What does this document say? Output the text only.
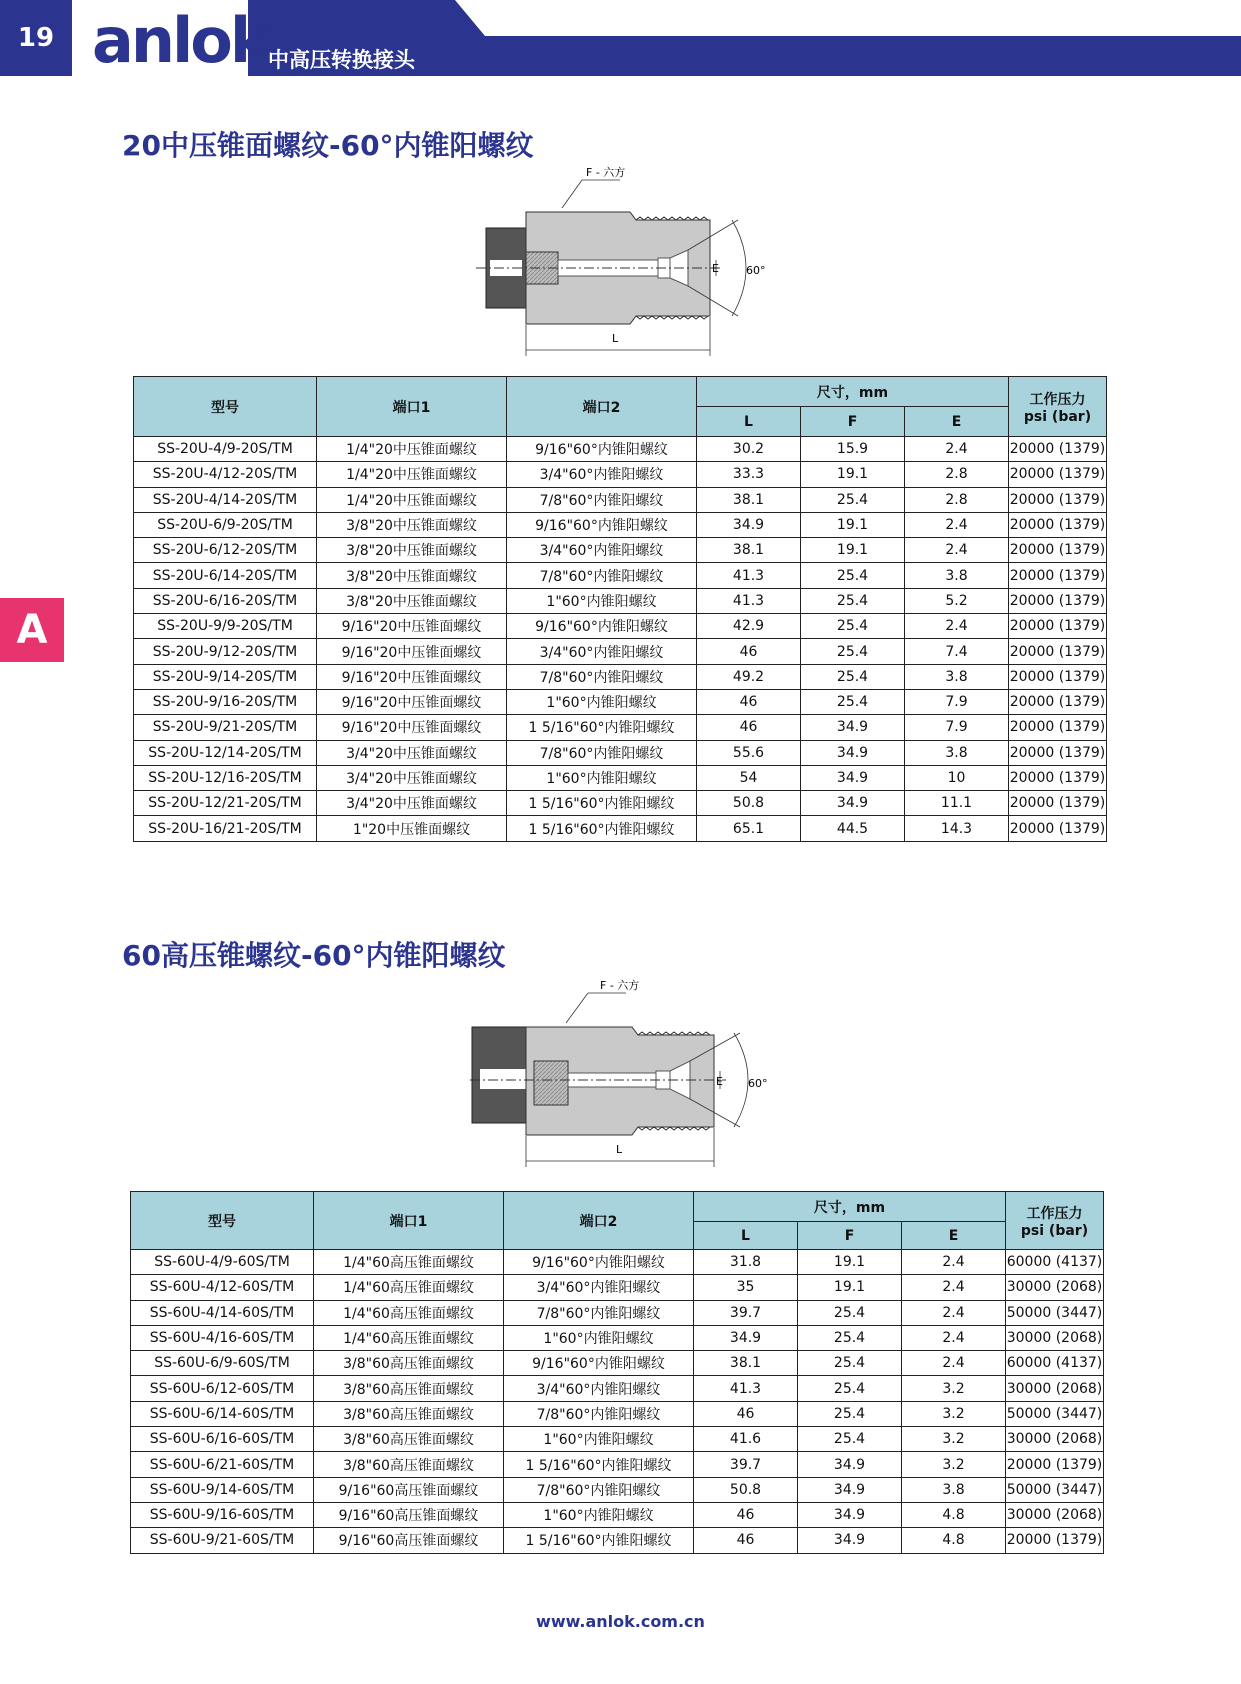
19 anlok 中高压转换接头
A
20中压锥面螺纹-60°内锥阳螺纹
F - 六方
L
E 60°
型号	端口1	端口2	尺寸，mm			工作压力
psi (bar)
			L	F	E	
SS-20U-4/9-20S/TM	1/4"20中压锥面螺纹	9/16"60°内锥阳螺纹	30.2	15.9	2.4	20000 (1379)
SS-20U-4/12-20S/TM	1/4"20中压锥面螺纹	3/4"60°内锥阳螺纹	33.3	19.1	2.8	20000 (1379)
SS-20U-4/14-20S/TM	1/4"20中压锥面螺纹	7/8"60°内锥阳螺纹	38.1	25.4	2.8	20000 (1379)
SS-20U-6/9-20S/TM	3/8"20中压锥面螺纹	9/16"60°内锥阳螺纹	34.9	19.1	2.4	20000 (1379)
SS-20U-6/12-20S/TM	3/8"20中压锥面螺纹	3/4"60°内锥阳螺纹	38.1	19.1	2.4	20000 (1379)
SS-20U-6/14-20S/TM	3/8"20中压锥面螺纹	7/8"60°内锥阳螺纹	41.3	25.4	3.8	20000 (1379)
SS-20U-6/16-20S/TM	3/8"20中压锥面螺纹	1"60°内锥阳螺纹	41.3	25.4	5.2	20000 (1379)
SS-20U-9/9-20S/TM	9/16"20中压锥面螺纹	9/16"60°内锥阳螺纹	42.9	25.4	2.4	20000 (1379)
SS-20U-9/12-20S/TM	9/16"20中压锥面螺纹	3/4"60°内锥阳螺纹	46	25.4	7.4	20000 (1379)
SS-20U-9/14-20S/TM	9/16"20中压锥面螺纹	7/8"60°内锥阳螺纹	49.2	25.4	3.8	20000 (1379)
SS-20U-9/16-20S/TM	9/16"20中压锥面螺纹	1"60°内锥阳螺纹	46	25.4	7.9	20000 (1379)
SS-20U-9/21-20S/TM	9/16"20中压锥面螺纹	1 5/16"60°内锥阳螺纹	46	34.9	7.9	20000 (1379)
SS-20U-12/14-20S/TM	3/4"20中压锥面螺纹	7/8"60°内锥阳螺纹	55.6	34.9	3.8	20000 (1379)
SS-20U-12/16-20S/TM	3/4"20中压锥面螺纹	1"60°内锥阳螺纹	54	34.9	10	20000 (1379)
SS-20U-12/21-20S/TM	3/4"20中压锥面螺纹	1 5/16"60°内锥阳螺纹	50.8	34.9	11.1	20000 (1379)
SS-20U-16/21-20S/TM	1"20中压锥面螺纹	1 5/16"60°内锥阳螺纹	65.1	44.5	14.3	20000 (1379)
60高压锥螺纹-60°内锥阳螺纹
F - 六方
L
E 60°
型号	端口1	端口2	尺寸，mm			工作压力
psi (bar)
			L	F	E	
SS-60U-4/9-60S/TM	1/4"60高压锥面螺纹	9/16"60°内锥阳螺纹	31.8	19.1	2.4	60000 (4137)
SS-60U-4/12-60S/TM	1/4"60高压锥面螺纹	3/4"60°内锥阳螺纹	35	19.1	2.4	30000 (2068)
SS-60U-4/14-60S/TM	1/4"60高压锥面螺纹	7/8"60°内锥阳螺纹	39.7	25.4	2.4	50000 (3447)
SS-60U-4/16-60S/TM	1/4"60高压锥面螺纹	1"60°内锥阳螺纹	34.9	25.4	2.4	30000 (2068)
SS-60U-6/9-60S/TM	3/8"60高压锥面螺纹	9/16"60°内锥阳螺纹	38.1	25.4	2.4	60000 (4137)
SS-60U-6/12-60S/TM	3/8"60高压锥面螺纹	3/4"60°内锥阳螺纹	41.3	25.4	3.2	30000 (2068)
SS-60U-6/14-60S/TM	3/8"60高压锥面螺纹	7/8"60°内锥阳螺纹	46	25.4	3.2	50000 (3447)
SS-60U-6/16-60S/TM	3/8"60高压锥面螺纹	1"60°内锥阳螺纹	41.6	25.4	3.2	30000 (2068)
SS-60U-6/21-60S/TM	3/8"60高压锥面螺纹	1 5/16"60°内锥阳螺纹	39.7	34.9	3.2	20000 (1379)
SS-60U-9/14-60S/TM	9/16"60高压锥面螺纹	7/8"60°内锥阳螺纹	50.8	34.9	3.8	50000 (3447)
SS-60U-9/16-60S/TM	9/16"60高压锥面螺纹	1"60°内锥阳螺纹	46	34.9	4.8	30000 (2068)
SS-60U-9/21-60S/TM	9/16"60高压锥面螺纹	1 5/16"60°内锥阳螺纹	46	34.9	4.8	20000 (1379)
www.anlok.com.cn
